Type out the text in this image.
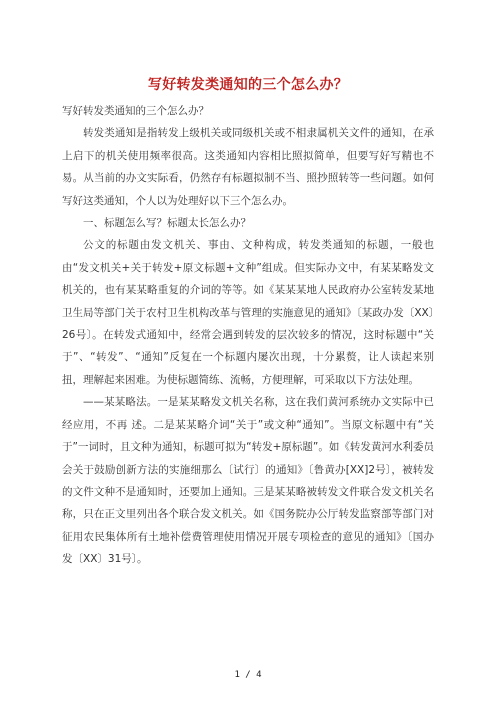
写好转发类通知的三个怎么办？

写好转发类通知的三个怎么办？

转发类通知是指转发上级机关或同级机关或不相隶属机关文件的通知，在承上启下的机关使用频率很高。这类通知内容相比照拟简单，但要写好写精也不易。从当前的办文实际看，仍然存有标题拟制不当、照抄照转等一些问题。如何写好这类通知，个人以为处理好以下三个怎么办。

一、标题怎么写？标题太长怎么办？

公文的标题由发文机关、事由、文种构成，转发类通知的标题，一般也由“发文机关+关于转发+原文标题+文种”组成。但实际办文中，有某某略发文机关的，也有某某略重复的介词的等等。如《某某某地人民政府办公室转发某地卫生局等部门关于农村卫生机构改革与管理的实施意见的通知》〔某政办发〔XX〕26号〕。在转发式通知中，经常会遇到转发的层次较多的情况，这时标题中“关于”、“转发”、“通知”反复在一个标题内屡次出现，十分累赘，让人读起来别扭，理解起来困难。为使标题简练、流畅，方便理解，可采取以下方法处理。

——某某略法。一是某某略发文机关名称，这在我们黄河系统办文实际中已经应用，不再 述。二是某某略介词“关于”或文种“通知”。当原文标题中有“关于”一词时，且文种为通知，标题可拟为“转发+原标题”。如《转发黄河水利委员会关于鼓励创新方法的实施细那么〔试行〕的通知》〔鲁黄办[XX]2号〕，被转发的文件文种不是通知时，还要加上通知。三是某某略被转发文件联合发文机关名称，只在正文里列出各个联合发文机关。如《国务院办公厅转发监察部等部门对征用农民集体所有土地补偿费管理使用情况开展专项检查的意见的通知》〔国办发〔XX〕31号〕。

1 / 4
